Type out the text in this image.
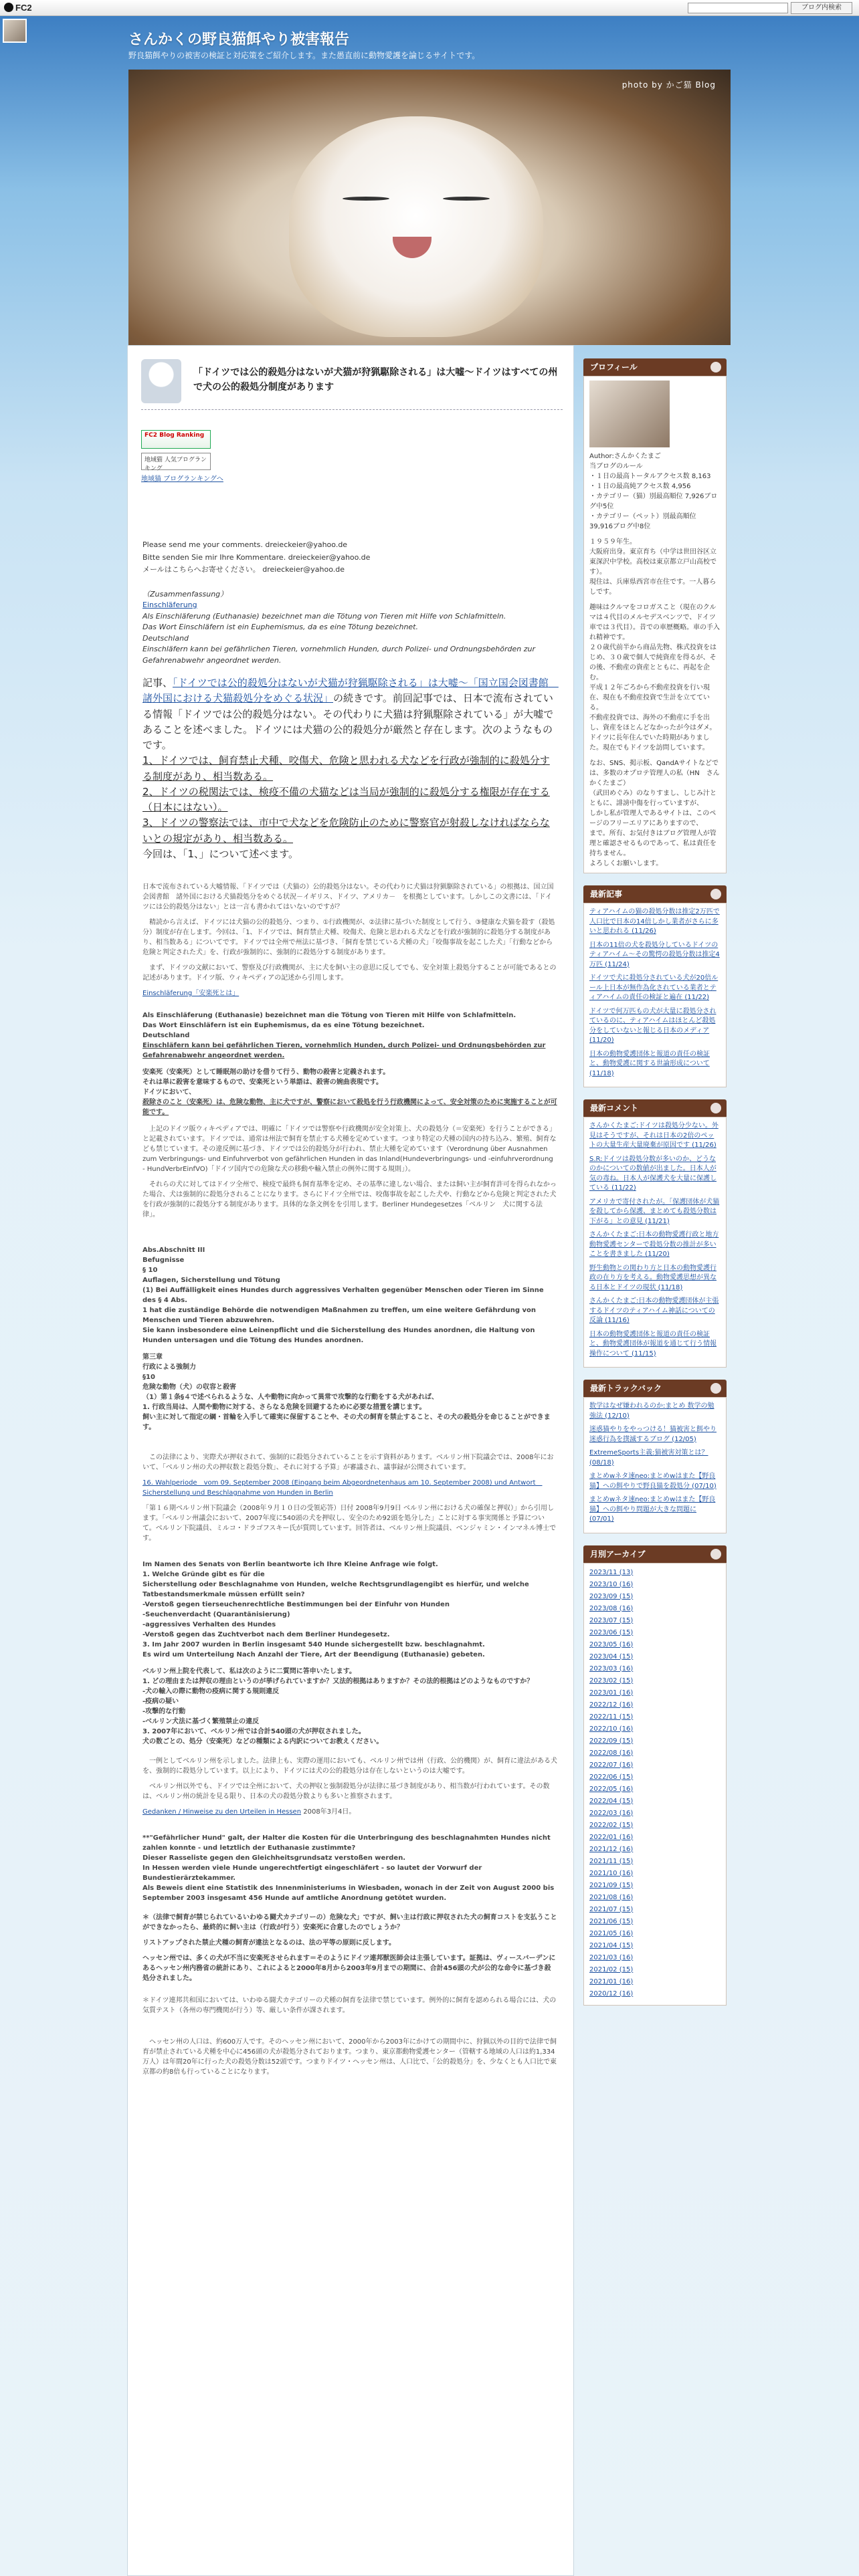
FC2	ブログ内検索
さんかくの野良猫餌やり被害報告
野良猫餌やりの被害の検証と対応策をご紹介します。また愚直前に動物愛護を論じるサイトです。
photo by かご猫 Blog
「ドイツでは公的殺処分はないが犬猫が狩猟駆除される」は大嘘～ドイツはすべての州で犬の公的殺処分制度があります
FC2 Blog Ranking
地域猫 人気ブログランキング
地域猫 ブログランキングへ

Please send me your comments. dreieckeier@yahoo.de

Bitte senden Sie mir Ihre Kommentare. dreieckeier@yahoo.de

メールはこちらへお寄せください。 dreieckeier@yahoo.de

（Zusammenfassung）

Einschläferung

Als Einschläferung (Euthanasie) bezeichnet man die Tötung von Tieren mit Hilfe von Schlafmitteln.

Das Wort Einschläfern ist ein Euphemismus, da es eine Tötung bezeichnet.

Deutschland

Einschläfern kann bei gefährlichen Tieren, vornehmlich Hunden, durch Polizei- und Ordnungsbehörden zur Gefahrenabwehr angeordnet werden.

記事、「ドイツでは公的殺処分はないが犬猫が狩猟駆除される」は大嘘～「国立国会図書館　諸外国における犬猫殺処分をめぐる状況」の続きです。前回記事では、日本で流布されている情報「ドイツでは公的殺処分はない。その代わりに犬猫は狩猟駆除されている」が大嘘であることを述べました。ドイツには犬猫の公的殺処分が厳然と存在します。次のようなものです。
1、ドイツでは、飼育禁止犬種、咬傷犬、危険と思われる犬などを行政が強制的に殺処分する制度があり、相当数ある。
2、ドイツの税関法では、検疫不備の犬猫などは当局が強制的に殺処分する権限が存在する（日本にはない）。
3、ドイツの警察法では、市中で犬などを危険防止のために警察官が射殺しなければならないとの規定があり、相当数ある。
今回は、「1、」について述べます。

日本で流布されている大嘘情報、「ドイツでは（犬猫の）公的殺処分はない。その代わりに犬猫は狩猟駆除されている」の根拠は、国立国会図書館　諸外国における犬猫殺処分をめぐる状況－イギリス、ドイツ、アメリカ－　を根拠としています。しかしこの文書には、「ドイツには公的殺処分はない」とは一言も書かれてはいないのですが？

　精読から言えば、ドイツには犬猫の公的殺処分、つまり、①行政機関が、②法律に基づいた制度として行う、③健康な犬猫を殺す（殺処分）制度が存在します。今回は、「1、ドイツでは、飼育禁止犬種、咬傷犬、危険と思われる犬などを行政が強制的に殺処分する制度があり、相当数ある」についてです。ドイツでは全州で州法に基づき、「飼育を禁じている犬種の犬」「咬傷事故を起こした犬」「行動などから危険と判定された犬」を、行政が強制的に、強制的に殺処分する制度があります。

　まず、ドイツの文献において、警察及び行政機関が、主に犬を飼い主の意思に反してでも、安全対策上殺処分することが可能であるとの記述があります。ドイツ版、ウィキペディアの記述から引用します。

Einschläferung「安楽死とは」

Als Einschläferung (Euthanasie) bezeichnet man die Tötung von Tieren mit Hilfe von Schlafmitteln.

Das Wort Einschläfern ist ein Euphemismus, da es eine Tötung bezeichnet.

Deutschland

Einschläfern kann bei gefährlichen Tieren, vornehmlich Hunden, durch Polizei- und Ordnungsbehörden zur Gefahrenabwehr angeordnet werden.

安楽死（安楽死）として睡眠剤の助けを借りて行う、動物の殺害と定義されます。

それは単に殺害を意味するもので、安楽死という単語は、殺害の婉曲表現です。

ドイツにおいて、

殺除さのこと（安楽死）は、危険な動物、主に犬ですが、警察において殺処を行う行政機関によって、安全対策のために実施することが可能です。

　上記のドイツ版ウィキペディアでは、明確に「ドイツでは警察や行政機関が安全対策上、犬の殺処分（＝安楽死）を行うことができる」と記載されています。ドイツでは、通常は州法で飼育を禁止する犬種を定めています。つまり特定の犬種の国内の持ち込み、繁殖、飼育なども禁じています。その違反例に基づき、ドイツでは公的殺処分が行われ、禁止大種を定めています（Verordnung über Ausnahmen zum Verbringungs- und Einfuhrverbot von gefährlichen Hunden in das Inland(Hundeverbringungs- und -einfuhrverordnung - HundVerbrEinfVO)「ドイツ国内での危険な犬の移動や輸入禁止の例外に関する規則」）。

　それらの犬に対してはドイツ全州で、検疫で最終も飼育基準を定め、その基準に違しない場合、または飼い主が飼育許可を得られなかった場合、犬は強制的に殺処分されることになります。さらにドイツ全州では、咬傷事故を起こした犬や、行動などから危険と判定された犬を行政が強制的に殺処分する制度があります。具体的な条文例をを引用します。Berliner Hundegesetzes「ベルリン　犬に関する法律」。

Abs.Abschnitt III

Befugnisse

§ 10

Auflagen, Sicherstellung und Tötung

(1) Bei Auffälligkeit eines Hundes durch aggressives Verhalten gegenüber Menschen oder Tieren im Sinne des § 4 Abs.

1 hat die zuständige Behörde die notwendigen Maßnahmen zu treffen, um eine weitere Gefährdung von Menschen und Tieren abzuwehren.

Sie kann insbesondere eine Leinenpflicht und die Sicherstellung des Hundes anordnen, die Haltung von Hunden untersagen und die Tötung des Hundes anordnen.

第三章

行政による強制力

§10

危険な動物（犬）の収容と殺害

（1）第１条§４で述べられるような、人や動物に向かって異常で攻撃的な行動をする犬があれば、

1. 行政当局は、人間や動物に対する、さらなる危険を回避するために必要な措置を講じます。

飼い主に対して指定の綱・首輪を入手して確実に保留することや、その犬の飼育を禁止すること、その犬の殺処分を命じることができます。

　この法律により、実際犬が押収されて、強制的に殺処分されていることを示す資料があります。ベルリン州下院議会では、2008年において、「ベルリン州の犬の押収数と殺処分数」、それに対する予算」が審議され、議事録が公開されています。

16. Wahlperiode　vom 09. September 2008 (Eingang beim Abgeordnetenhaus am 10. September 2008) und Antwort　Sicherstellung und Beschlagnahme von Hunden in Berlin

「第１６期ベルリン州下院議会（2008年９月１０日の受領応答）日付 2008年9月9日 ベルリン州における犬の確保と押収）」から引用します。「ベルリン州議会において、2007年度に540頭の犬を押収し、安全のため92頭を処分した」ことに対する事実関係と予算について。ベルリン下院議員、ミルコ・ドラゴフスキー氏が質問しています。回答者は、ベルリン州上院議員、ベンジャミン・インマネル博士です。

Im Namen des Senats von Berlin beantworte ich Ihre Kleine Anfrage wie folgt.

1. Welche Gründe gibt es für die

Sicherstellung oder Beschlagnahme von Hunden, welche Rechtsgrundlagengibt es hierfür, und welche Tatbestandsmerkmale müssen erfüllt sein?

-Verstoß gegen tierseuchenrechtliche Bestimmungen bei der Einfuhr von Hunden

-Seuchenverdacht (Quarantänisierung)

-aggressives Verhalten des Hundes

-Verstoß gegen das Zuchtverbot nach dem Berliner Hundegesetz.

3. Im Jahr 2007 wurden in Berlin insgesamt 540 Hunde sichergestellt bzw. beschlagnahmt.

Es wird um Unterteilung Nach Anzahl der Tiere, Art der Beendigung (Euthanasie) gebeten.

ベルリン州上院を代表して、私は次のように二質問に答申いたします。

1. どの理由または押収の理由というのが挙げられていますか？又法的根拠はありますか？その法的根拠はどのようなものですか？

-犬の輸入の際に動物の疫病に関する規則違反

-疫病の疑い

-攻撃的な行動

-ベルリン犬法に基づく繁殖禁止の違反

3. 2007年において、ベルリン州では合計540頭の犬が押収されました。

犬の数ごとの、処分（安楽死）などの種類による内訳についてお教えください。

　一例としてベルリン州を示しました。法律上も、実際の運用においても、ベルリン州では州（行政、公的機関）が、飼育に違法がある犬を、強制的に殺処分しています。以上により、ドイツには犬の公的殺処分は存在しないというのは大嘘です。

　ベルリン州以外でも、ドイツでは全州において、犬の押収と強制殺処分が法律に基づき制度があり、相当数が行われています。その数は、ベルリン州の統計を見る限り、日本の犬の殺処分数よりも多いと推察されます。

Gedanken / Hinweise zu den Urteilen in Hessen 2008年3月4日。

**"Gefährlicher Hund" galt, der Halter die Kosten für die Unterbringung des beschlagnahmten Hundes nicht zahlen konnte - und letztlich der Euthanasie zustimmte?

Dieser Rasseliste gegen den Gleichheitsgrundsatz verstoßen werden.

In Hessen werden viele Hunde ungerechtfertigt eingeschläfert - so lautet der Vorwurf der Bundestierärztekammer.

Als Beweis dient eine Statistik des Innenministeriums in Wiesbaden, wonach in der Zeit von August 2000 bis September 2003 insgesamt 456 Hunde auf amtliche Anordnung getötet wurden.

＊（法律で飼育が禁じられているいわゆる闘犬カテゴリーの）危険な犬」ですが、飼い主は行政に押収された犬の飼育コストを支払うことができなかったら、最終的に飼い主は（行政が行う）安楽死に合意したのでしょうか？

リストアップされた禁止犬種の飼育が違法となるのは、法の平等の原則に反します。

ヘッセン州では、多くの犬が不当に安楽死させられます＝そのようにドイツ連邦獣医師会は主張しています。証拠は、ヴィースバーデンにあるヘッセン州内務省の統計にあり、これによると2000年8月から2003年9月までの期間に、合計456頭の犬が公的な命令に基づき殺処分されました。

＊ドイツ連邦共和国においては、いわゆる闘犬カテゴリーの犬種の飼育を法律で禁じています。例外的に飼育を認められる場合には、犬の気質テスト（各州の専門機関が行う）等、厳しい条件が課されます。

　ヘッセン州の人口は、約600万人です。そのヘッセン州において、2000年から2003年にかけての期間中に、狩猟以外の目的で法律で飼育が禁止されている犬種を中心に456頭の犬が殺処分されております。つまり、東京都動物愛護センター（管轄する地域の人口は約1,334万人）は年間20年に行った犬の殺処分数は52頭です。つまりドイツ・ヘッセン州は、人口比で、「公的殺処分」を、少なくとも人口比で東京都の約8倍も行っていることになります。

プロフィール
Author:さんかくたまご
当ブログのルール
・１日の最高トータルアクセス数 8,163
・１日の最高純アクセス数 4,956
・カテゴリー（猫）別最高順位 7,926ブログ中5位
・カテゴリー（ペット）別最高順位 39,916ブログ中8位
１９５９年生。
大阪府出身。東京育ち（中学は世田谷区立東深沢中学校。高校は東京都立戸山高校です）。
現住は、兵庫県西宮市在住です。一人暮らしです。
趣味はクルマをコロガスこと（現在のクルマは４代目のメルセデスベンツで、ドイツ車では３代目）。昔での車歴概略。車の手入れ精神です。
２０歳代前半から商品先物、株式投資をはじめ、３０歳で個人で純資産を得るが、その後、不動産の資産とともに、再起を企む。
平成１２年ごろから不動産投資を行い現在、現在も不動産投資で生計を立てている。
不動産投資では、海外の不動産に手を出し、資産をほとんどなかったが今はダメ。
ドイツに長年住んでいた時期がありました。現在でもドイツを訪問しています。
なお、SNS、掲示板、QandAサイトなどでは、多数のオプロテ管理人の私（HN　さんかくたまご）
（武田めぐみ）のなりすまし、しじみ汁とともに、誹謗中傷を行っていますが、
しかし私が管理人であるサイトは、このページのフリーエリアにありますので、
まで。所有、お気付きはブログ管理人が管理と確認させるものであって、私は責任を持ちません。
よろしくお願いします。
最新記事
ティアハイムの猫の殺処分数は推定2万匹で人口比で日本の14倍しかし業者がさらに多いと思われる (11/26)
日本の11倍の犬を殺処分しているドイツのティアハイム～その驚愕の殺処分数は推定4万匹 (11/24)
ドイツで犬に殺処分されている犬が20倍ルール上日本が無作為化されている業者とティアハイムの責任の検証と遍在 (11/22)
ドイツで何万匹もの犬が大量に殺処分されているのに、ティアハイムはほとんど殺処分をしていないと報じる日本のメディア (11/20)
日本の動物愛護団体と報道の責任の検証と、動物愛護に関する世論形成について (11/18)
最新コメント
さんかくたまご:ドイツは殺処分少ない。外見はそうですが、それは日本の2倍のペットの大量生産大量廃棄が原因です (11/26)
S.R:ドイツは殺処分数が多いのか、どうなのかについての数値が出ました。日本人が気の毒ね。日本人が保護犬を大量に保護している (11/22)
アメリカで寄付されたが。「保護団体が犬猫を殺してから保護、まとめても殺処分数は下がる」との意見 (11/21)
さんかくたまご:日本の動物愛護行政と地方動物愛護センターで殺処分数の推計が多いことを書きました (11/20)
野生動物との関わり方と日本の動物愛護行政の在り方を考える。動物愛護思想が異なる日本とドイツの現状 (11/18)
さんかくたまご:日本の動物愛護団体が主張するドイツのティアハイム神話についての反論 (11/16)
日本の動物愛護団体と報道の責任の検証と、動物愛護団体が報道を通じて行う情報操作について (11/15)
最新トラックバック
数学はなぜ嫌われるのか:まとめ 数学の勉強法 (12/10)
迷惑猫やりをやっつける！猫被害と餌やり迷惑行為を撲滅するブログ (12/05)
ExtremeSports主義:猫被害対策とは？ (08/18)
まとめwネタ速neo:まとめwはまた【野良猫】への餌やりで野良猫を殺処分 (07/10)
まとめwネタ速neo:まとめwはまた【野良猫】への餌やり問題が大きな問題に (07/01)
月別アーカイブ
2023/11 (13)
2023/10 (16)
2023/09 (15)
2023/08 (16)
2023/07 (15)
2023/06 (15)
2023/05 (16)
2023/04 (15)
2023/03 (16)
2023/02 (15)
2023/01 (16)
2022/12 (16)
2022/11 (15)
2022/10 (16)
2022/09 (15)
2022/08 (16)
2022/07 (16)
2022/06 (15)
2022/05 (16)
2022/04 (15)
2022/03 (16)
2022/02 (15)
2022/01 (16)
2021/12 (16)
2021/11 (15)
2021/10 (16)
2021/09 (15)
2021/08 (16)
2021/07 (15)
2021/06 (15)
2021/05 (16)
2021/04 (15)
2021/03 (16)
2021/02 (15)
2021/01 (16)
2020/12 (16)
